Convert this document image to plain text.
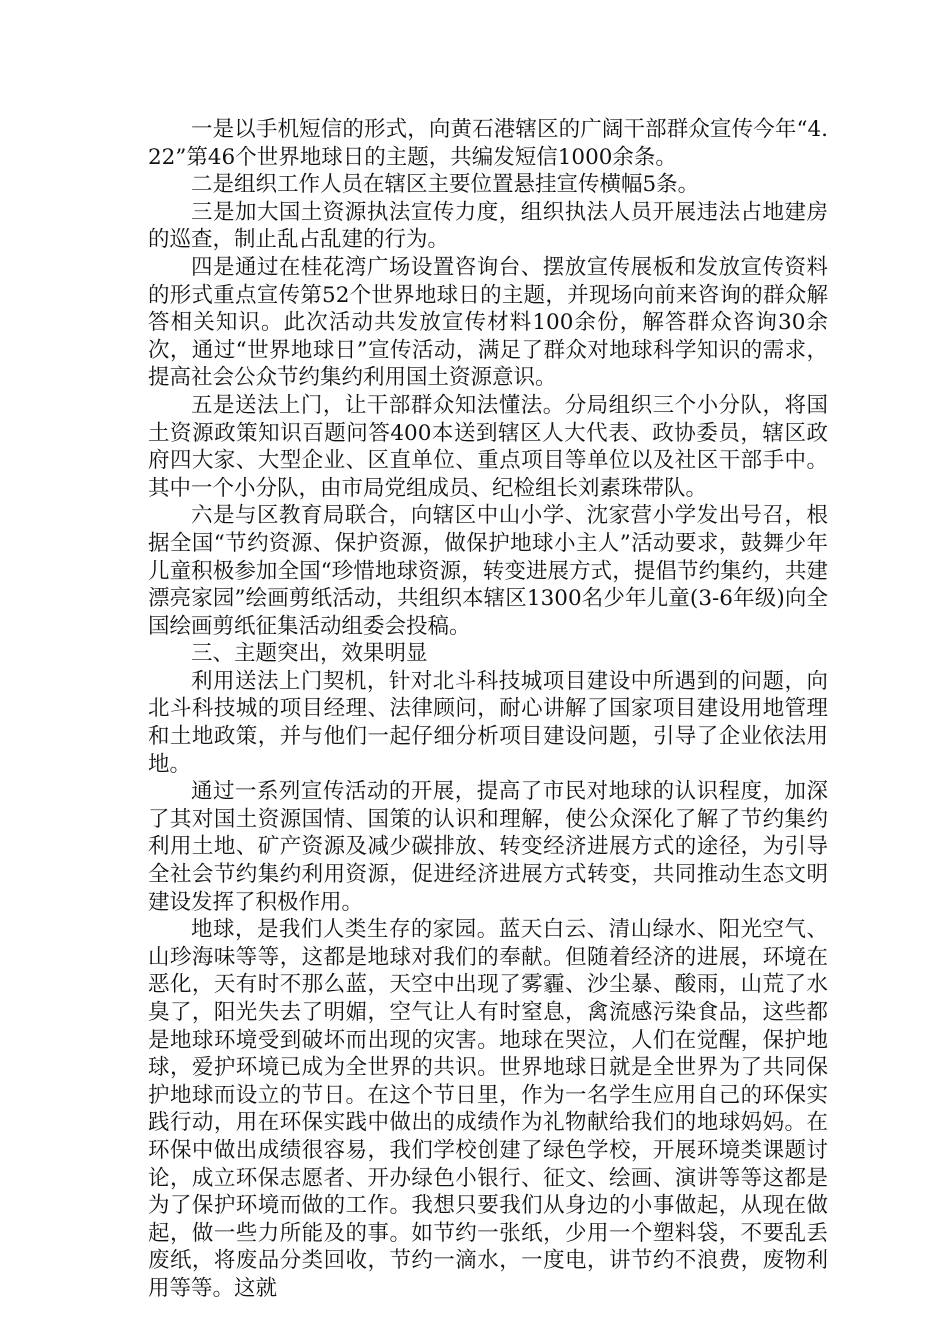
一是以手机短信的形式，向黄石港辖区的广阔干部群众宣传今年“4.22”第46个世界地球日的主题，共编发短信1000余条。

二是组织工作人员在辖区主要位置悬挂宣传横幅5条。

三是加大国土资源执法宣传力度，组织执法人员开展违法占地建房的巡查，制止乱占乱建的行为。

四是通过在桂花湾广场设置咨询台、摆放宣传展板和发放宣传资料的形式重点宣传第52个世界地球日的主题，并现场向前来咨询的群众解答相关知识。此次活动共发放宣传材料100余份，解答群众咨询30余次，通过“世界地球日”宣传活动，满足了群众对地球科学知识的需求，提高社会公众节约集约利用国土资源意识。

五是送法上门，让干部群众知法懂法。分局组织三个小分队，将国土资源政策知识百题问答400本送到辖区人大代表、政协委员，辖区政府四大家、大型企业、区直单位、重点项目等单位以及社区干部手中。其中一个小分队，由市局党组成员、纪检组长刘素珠带队。

六是与区教育局联合，向辖区中山小学、沈家营小学发出号召，根据全国“节约资源、保护资源，做保护地球小主人”活动要求，鼓舞少年儿童积极参加全国“珍惜地球资源，转变进展方式，提倡节约集约，共建漂亮家园”绘画剪纸活动，共组织本辖区1300名少年儿童(3-6年级)向全国绘画剪纸征集活动组委会投稿。

三、主题突出，效果明显

利用送法上门契机，针对北斗科技城项目建设中所遇到的问题，向北斗科技城的项目经理、法律顾问，耐心讲解了国家项目建设用地管理和土地政策，并与他们一起仔细分析项目建设问题，引导了企业依法用地。

通过一系列宣传活动的开展，提高了市民对地球的认识程度，加深了其对国土资源国情、国策的认识和理解，使公众深化了解了节约集约利用土地、矿产资源及减少碳排放、转变经济进展方式的途径，为引导全社会节约集约利用资源，促进经济进展方式转变，共同推动生态文明建设发挥了积极作用。

地球，是我们人类生存的家园。蓝天白云、清山绿水、阳光空气、山珍海味等等，这都是地球对我们的奉献。但随着经济的进展，环境在恶化，天有时不那么蓝，天空中出现了雾霾、沙尘暴、酸雨，山荒了水臭了，阳光失去了明媚，空气让人有时窒息，禽流感污染食品，这些都是地球环境受到破坏而出现的灾害。地球在哭泣，人们在觉醒，保护地球，爱护环境已成为全世界的共识。世界地球日就是全世界为了共同保护地球而设立的节日。在这个节日里，作为一名学生应用自己的环保实践行动，用在环保实践中做出的成绩作为礼物献给我们的地球妈妈。在环保中做出成绩很容易，我们学校创建了绿色学校，开展环境类课题讨论，成立环保志愿者、开办绿色小银行、征文、绘画、演讲等等这都是为了保护环境而做的工作。我想只要我们从身边的小事做起，从现在做起，做一些力所能及的事。如节约一张纸，少用一个塑料袋，不要乱丢废纸，将废品分类回收，节约一滴水，一度电，讲节约不浪费，废物利用等等。这就
